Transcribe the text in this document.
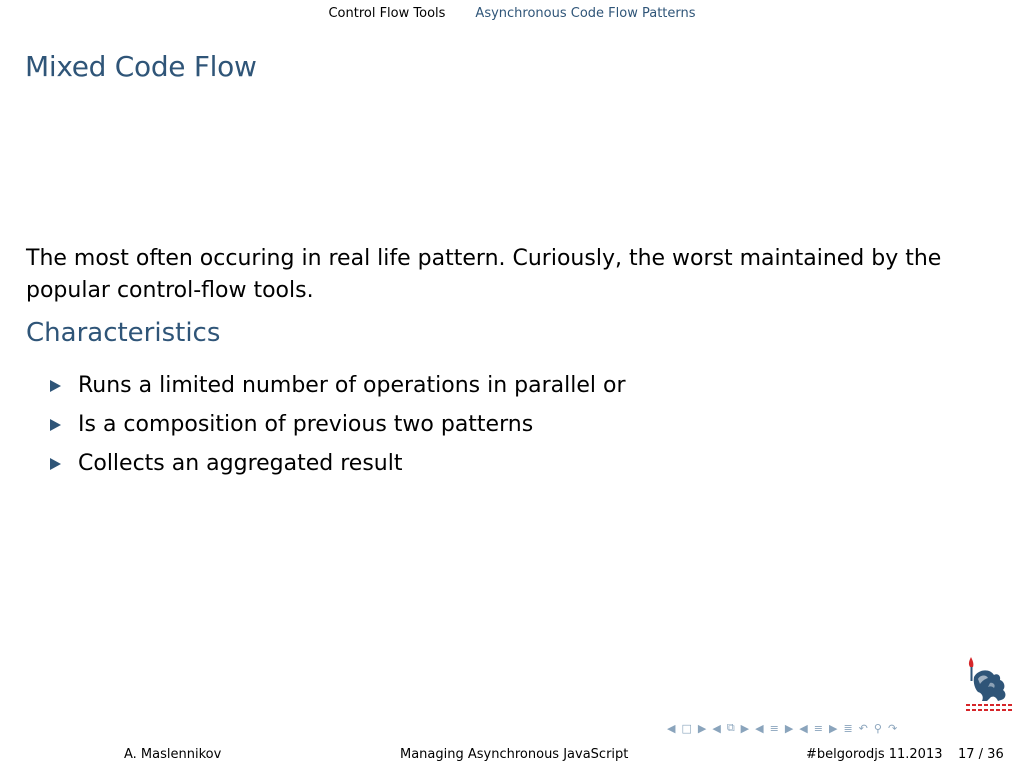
Control Flow Tools Asynchronous Code Flow Patterns
Mixed Code Flow
The most often occuring in real life pattern. Curiously, the worst maintained by the popular control-flow tools.
Characteristics
Runs a limited number of operations in parallel or
Is a composition of previous two patterns
Collects an aggregated result
◀ □ ▶ ◀ ⧉ ▶ ◀ ≡ ▶ ◀ ≡ ▶ ≣ ↶ ⚲ ↷
A. Maslennikov	Managing Asynchronous JavaScript	#belgorodjs 11.2013 17 / 36
